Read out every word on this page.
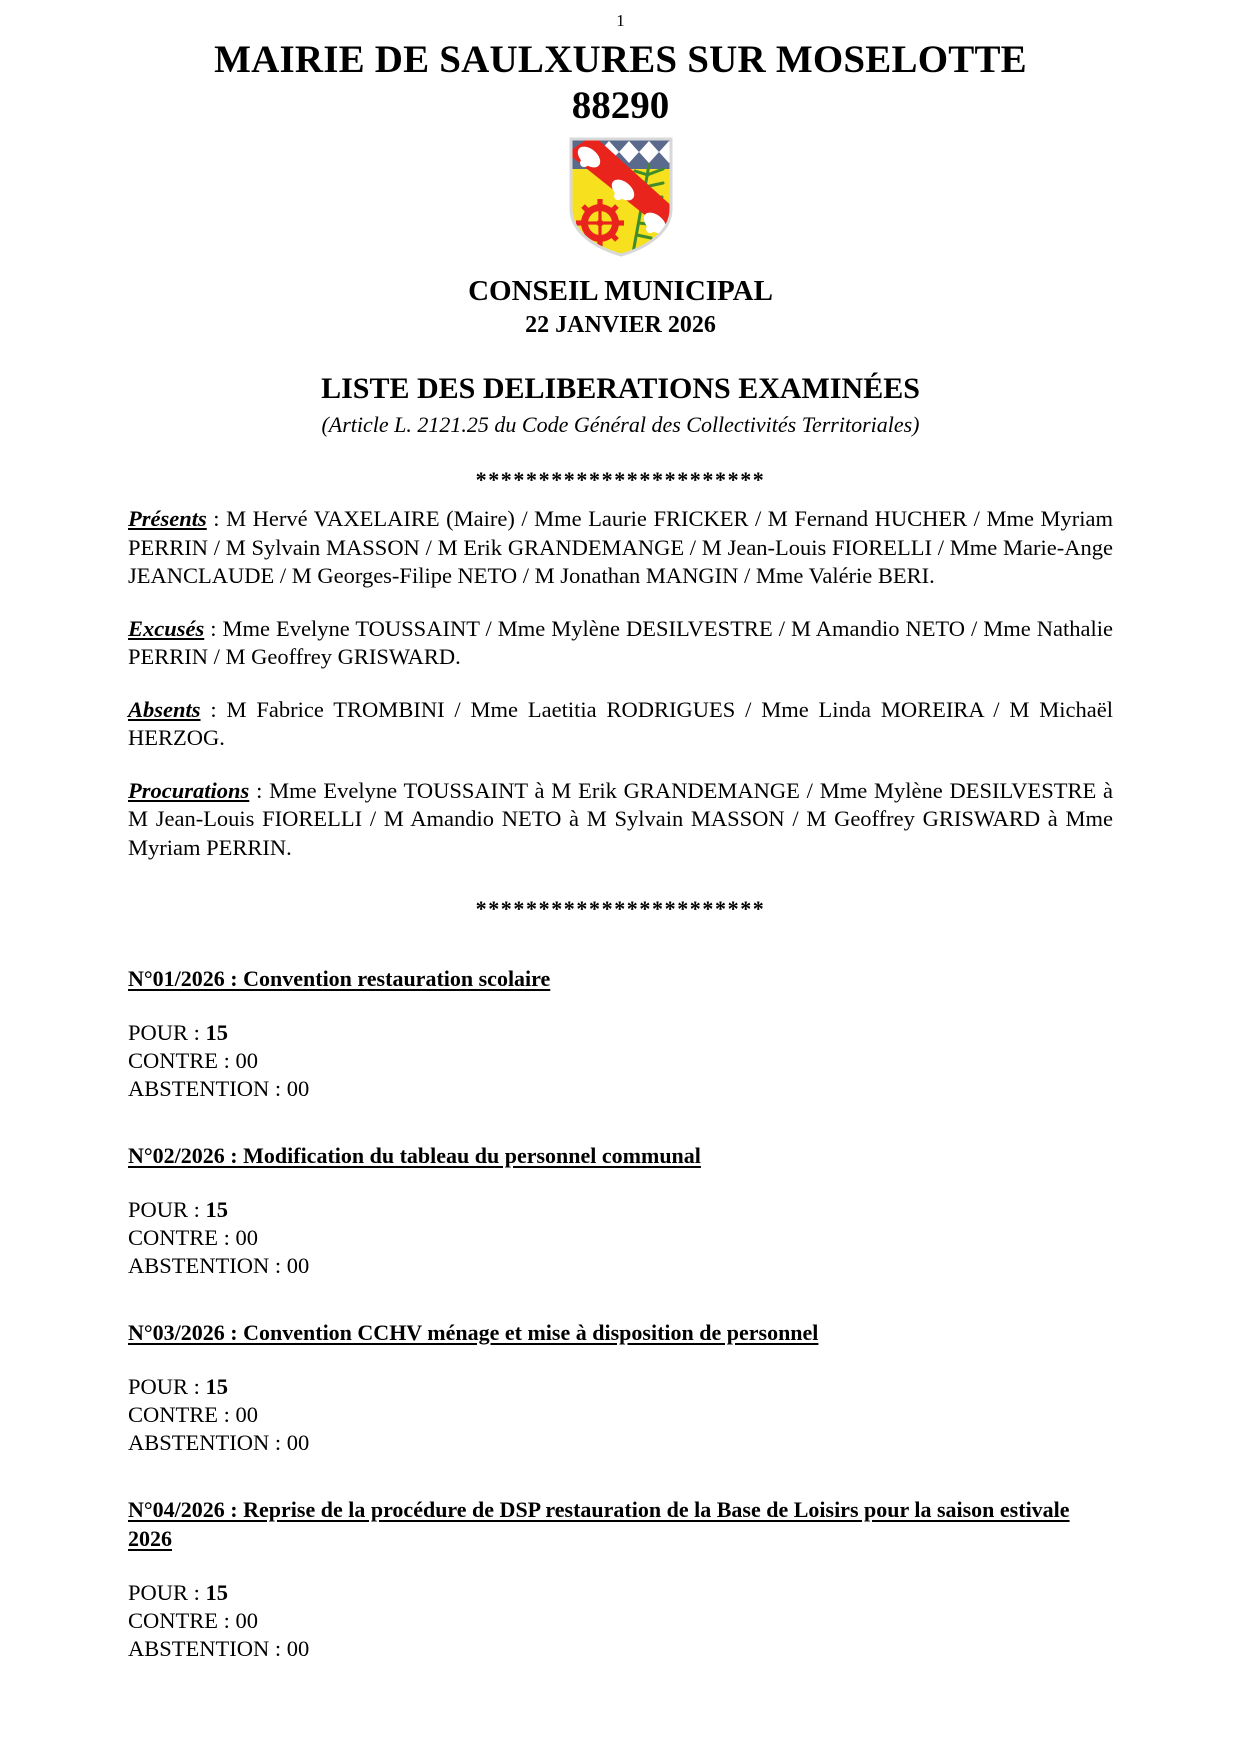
1
MAIRIE DE SAULXURES SUR MOSELOTTE
88290
CONSEIL MUNICIPAL
22 JANVIER 2026
LISTE DES DELIBERATIONS EXAMINÉES
(Article L. 2121.25 du Code Général des Collectivités Territoriales)
***********************

Présents : M Hervé VAXELAIRE (Maire) / Mme Laurie FRICKER / M Fernand HUCHER / Mme Myriam PERRIN / M Sylvain MASSON / M Erik GRANDEMANGE / M Jean-Louis FIORELLI / Mme Marie-Ange JEANCLAUDE / M Georges-Filipe NETO / M Jonathan MANGIN / Mme Valérie BERI.

Excusés : Mme Evelyne TOUSSAINT / Mme Mylène DESILVESTRE / M Amandio NETO / Mme Nathalie PERRIN / M Geoffrey GRISWARD.

Absents : M Fabrice TROMBINI / Mme Laetitia RODRIGUES / Mme Linda MOREIRA / M Michaël HERZOG.

Procurations : Mme Evelyne TOUSSAINT à M Erik GRANDEMANGE / Mme Mylène DESILVESTRE à M Jean-Louis FIORELLI / M Amandio NETO à M Sylvain MASSON / M Geoffrey GRISWARD à Mme Myriam PERRIN.

***********************
N°01/2026 : Convention restauration scolaire
POUR : 15
CONTRE : 00
ABSTENTION : 00
N°02/2026 : Modification du tableau du personnel communal
POUR : 15
CONTRE : 00
ABSTENTION : 00
N°03/2026 : Convention CCHV ménage et mise à disposition de personnel
POUR : 15
CONTRE : 00
ABSTENTION : 00
N°04/2026 : Reprise de la procédure de DSP restauration de la Base de Loisirs pour la saison estivale 2026
POUR : 15
CONTRE : 00
ABSTENTION : 00
